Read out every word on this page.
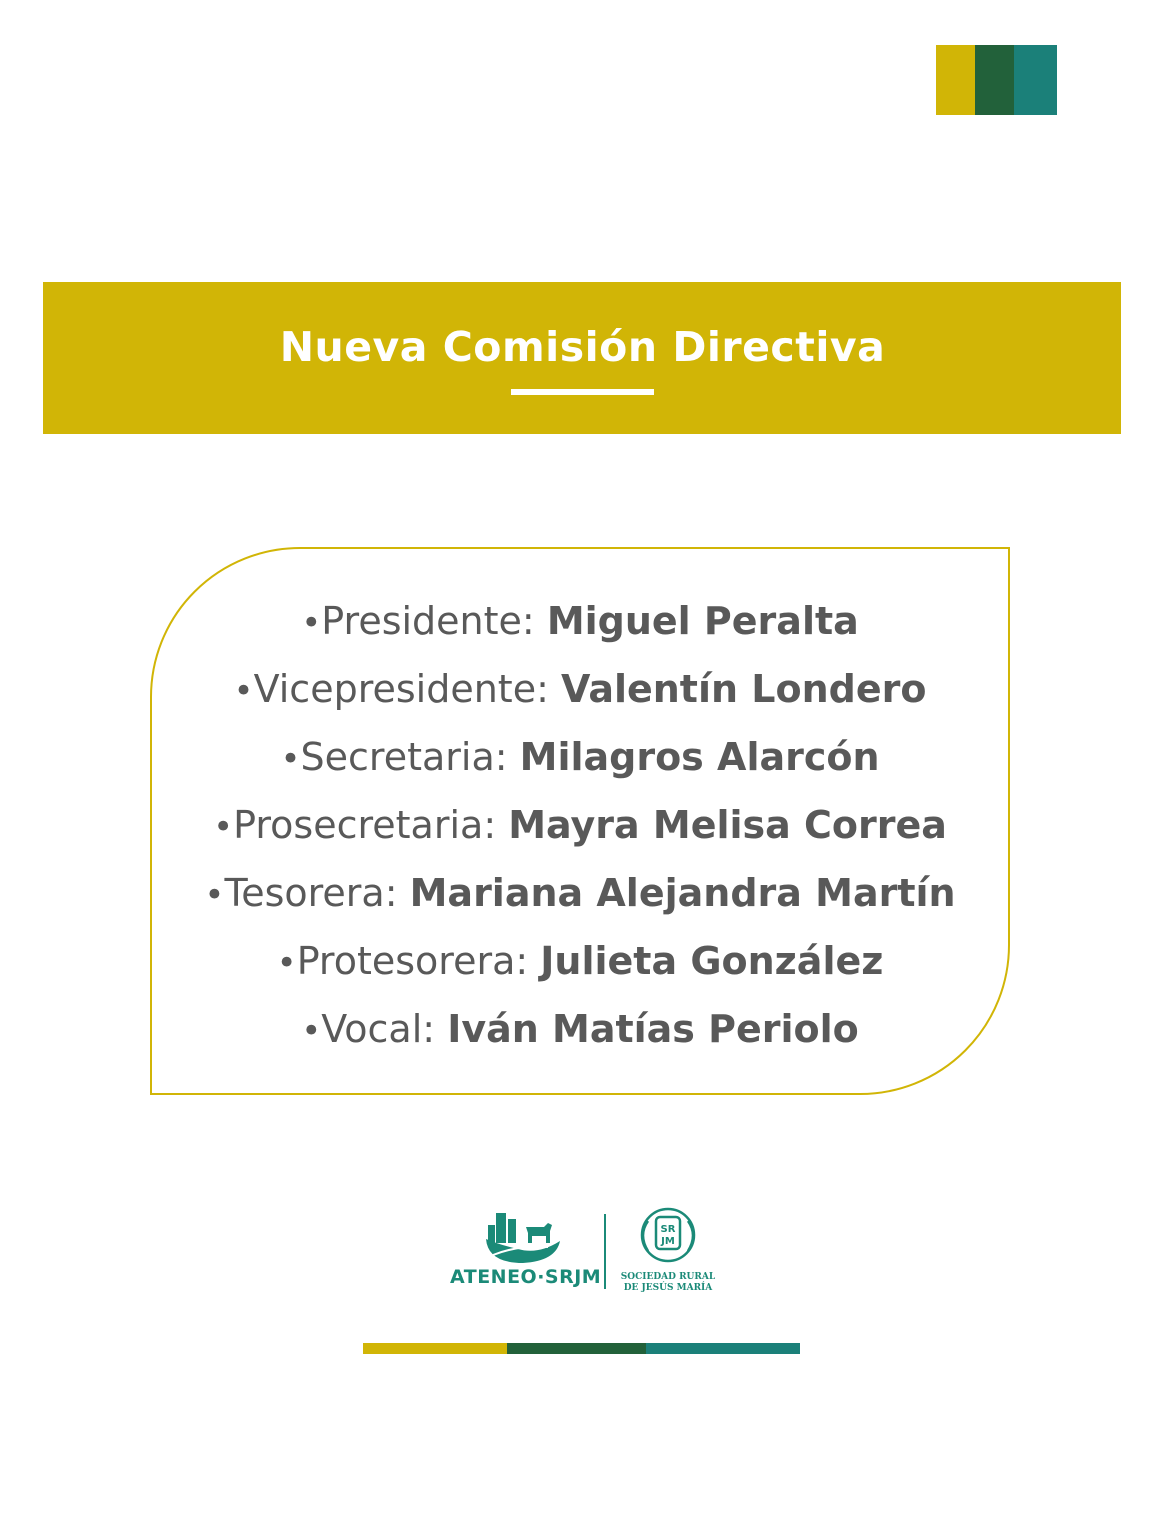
Nueva Comisión Directiva
•Presidente: Miguel Peralta
•Vicepresidente: Valentín Londero
•Secretaria: Milagros Alarcón
•Prosecretaria: Mayra Melisa Correa
•Tesorera: Mariana Alejandra Martín
•Protesorera: Julieta González
•Vocal: Iván Matías Periolo
SR
JM
ATENEO·SRJM	SOCIEDAD RURAL
DE JESÚS MARÍA
